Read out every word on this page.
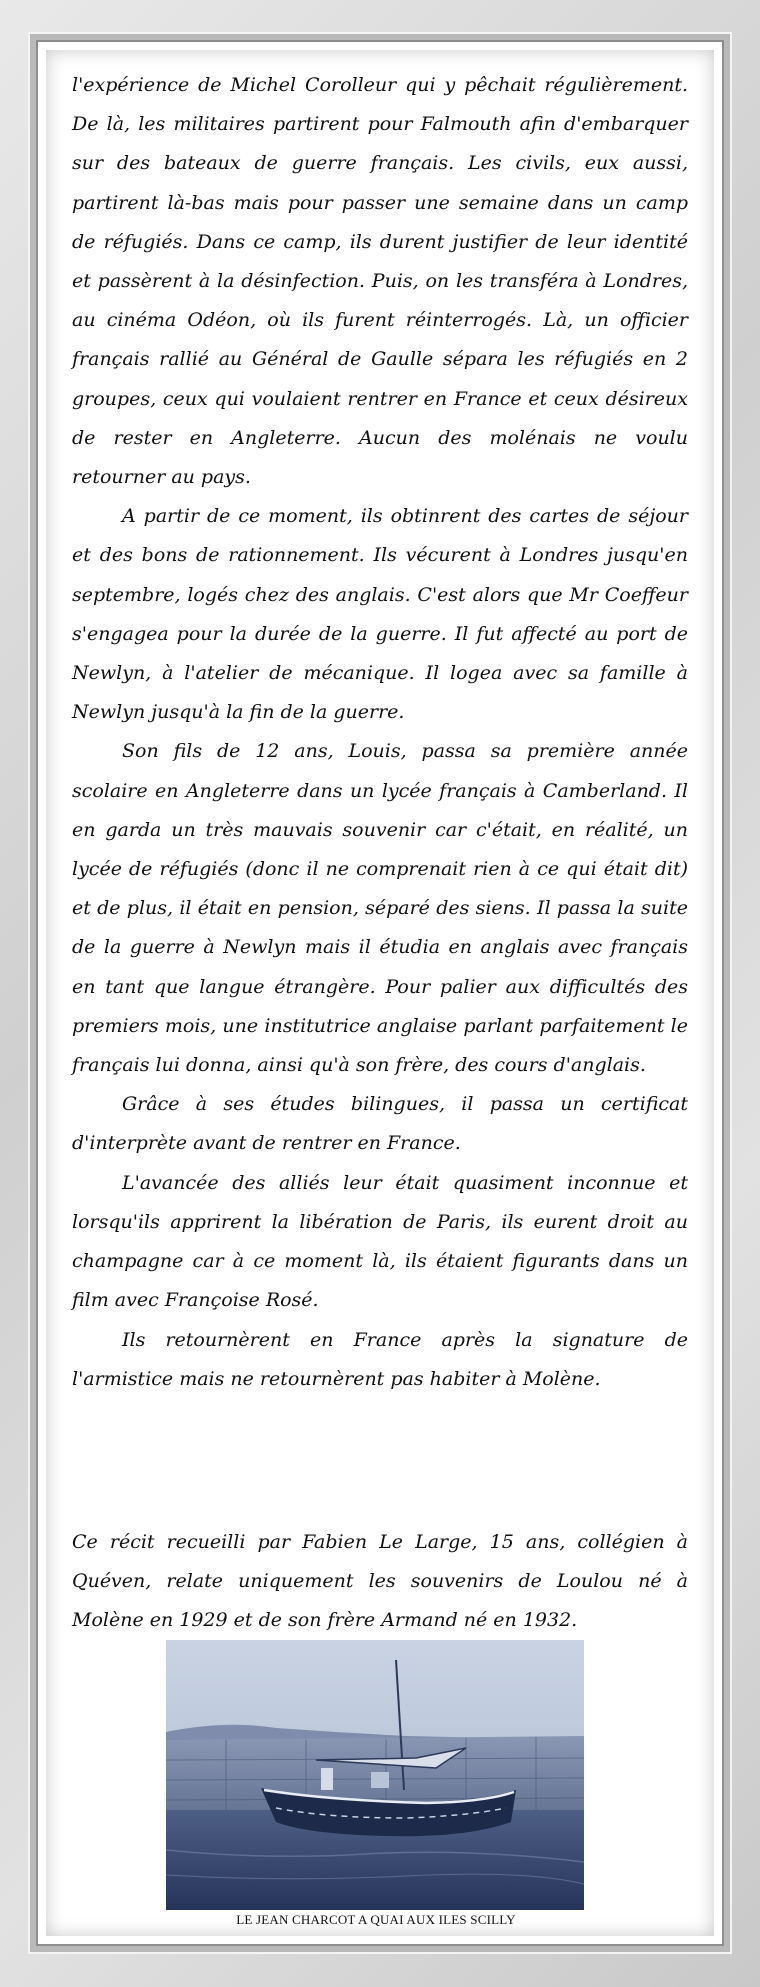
l'expérience de Michel Corolleur qui y pêchait régulièrement. De là, les militaires partirent pour Falmouth afin d'embarquer sur des bateaux de guerre français. Les civils, eux aussi, partirent là-bas mais pour passer une semaine dans un camp de réfugiés. Dans ce camp, ils durent justifier de leur identité et passèrent à la désinfection. Puis, on les transféra à Londres, au cinéma Odéon, où ils furent réinterrogés. Là, un officier français rallié au Général de Gaulle sépara les réfugiés en 2 groupes, ceux qui voulaient rentrer en France et ceux désireux de rester en Angleterre. Aucun des molénais ne voulu retourner au pays.

A partir de ce moment, ils obtinrent des cartes de séjour et des bons de rationnement. Ils vécurent à Londres jusqu'en septembre, logés chez des anglais. C'est alors que Mr Coeffeur s'engagea pour la durée de la guerre. Il fut affecté au port de Newlyn, à l'atelier de mécanique. Il logea avec sa famille à Newlyn jusqu'à la fin de la guerre.

Son fils de 12 ans, Louis, passa sa première année scolaire en Angleterre dans un lycée français à Camberland. Il en garda un très mauvais souvenir car c'était, en réalité, un lycée de réfugiés (donc il ne comprenait rien à ce qui était dit) et de plus, il était en pension, séparé des siens. Il passa la suite de la guerre à Newlyn mais il étudia en anglais avec français en tant que langue étrangère. Pour palier aux difficultés des premiers mois, une institutrice anglaise parlant parfaitement le français lui donna, ainsi qu'à son frère, des cours d'anglais.

Grâce à ses études bilingues, il passa un certificat d'interprète avant de rentrer en France.

L'avancée des alliés leur était quasiment inconnue et lorsqu'ils apprirent la libération de Paris, ils eurent droit au champagne car à ce moment là, ils étaient figurants dans un film avec Françoise Rosé.

Ils retournèrent en France après la signature de l'armistice mais ne retournèrent pas habiter à Molène.

Ce récit recueilli par Fabien Le Large, 15 ans, collégien à Quéven, relate uniquement les souvenirs de Loulou né à Molène en 1929 et de son frère Armand né en 1932.

LE JEAN CHARCOT A QUAI AUX ILES SCILLY
